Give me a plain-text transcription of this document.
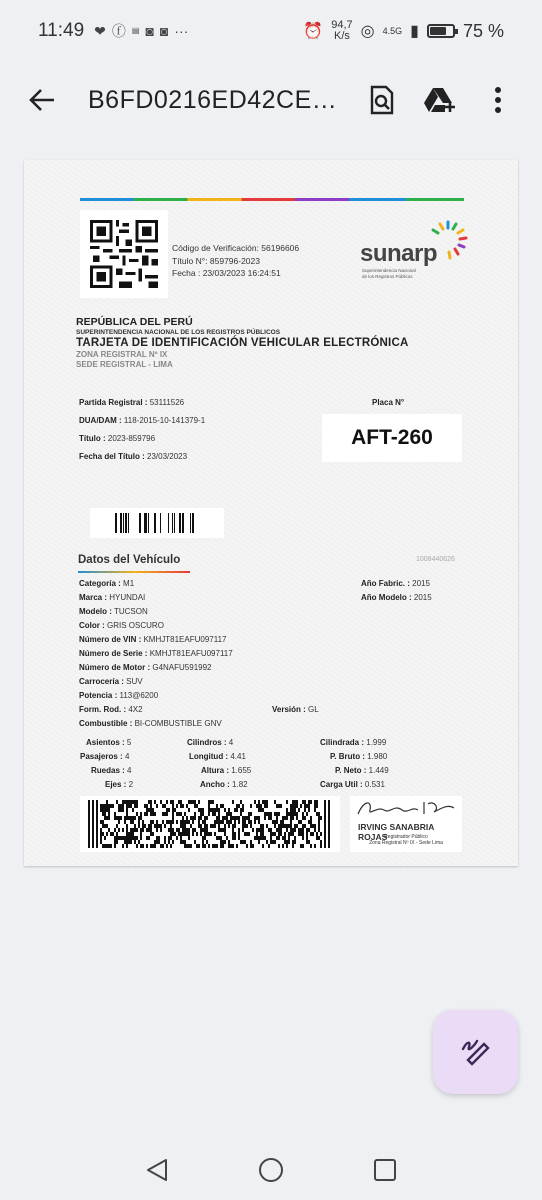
11:49 ❤ ⓕ ▤ ◙ ◙ ···	⏰ 94,7
K/s ◎ 4.5G ▮ 75 %
B6FD0216ED42CE…
Código de Verificación: 56196606
Título N°: 859796-2023
Fecha : 23/03/2023 16:24:51
sunarp
Superintendencia Nacional de los Registros Públicos
REPÚBLICA DEL PERÚ
SUPERINTENDENCIA NACIONAL DE LOS REGISTROS PÚBLICOS
TARJETA DE IDENTIFICACIÓN VEHICULAR ELECTRÓNICA
ZONA REGISTRAL Nº IX
SEDE REGISTRAL - LIMA
Partida Registral : 53111526
DUA/DAM : 118-2015-10-141379-1
Título : 2023-859796
Fecha del Título : 23/03/2023
Placa N°
AFT-260
Datos del Vehículo	1008440626
Categoría : M1
Marca : HYUNDAI
Modelo : TUCSON
Color : GRIS OSCURO
Número de VIN : KMHJT81EAFU097117
Número de Serie : KMHJT81EAFU097117
Número de Motor : G4NAFU591992
Carrocería : SUV
Potencia : 113@6200
Form. Rod. : 4X2
Combustible : BI-COMBUSTIBLE GNV
Año Fabric. : 2015
Año Modelo : 2015
Versión : GL
Asientos : 5
Pasajeros : 4
Ruedas : 4
Ejes : 2
Cilindros : 4
Longitud : 4.41
Altura : 1.655
Ancho : 1.82
Cilindrada : 1.999
P. Bruto : 1.980
P. Neto : 1.449
Carga Util : 0.531
IRVING SANABRIA ROJAS
Registrador Público
Zona Registral Nº IX - Sede Lima
